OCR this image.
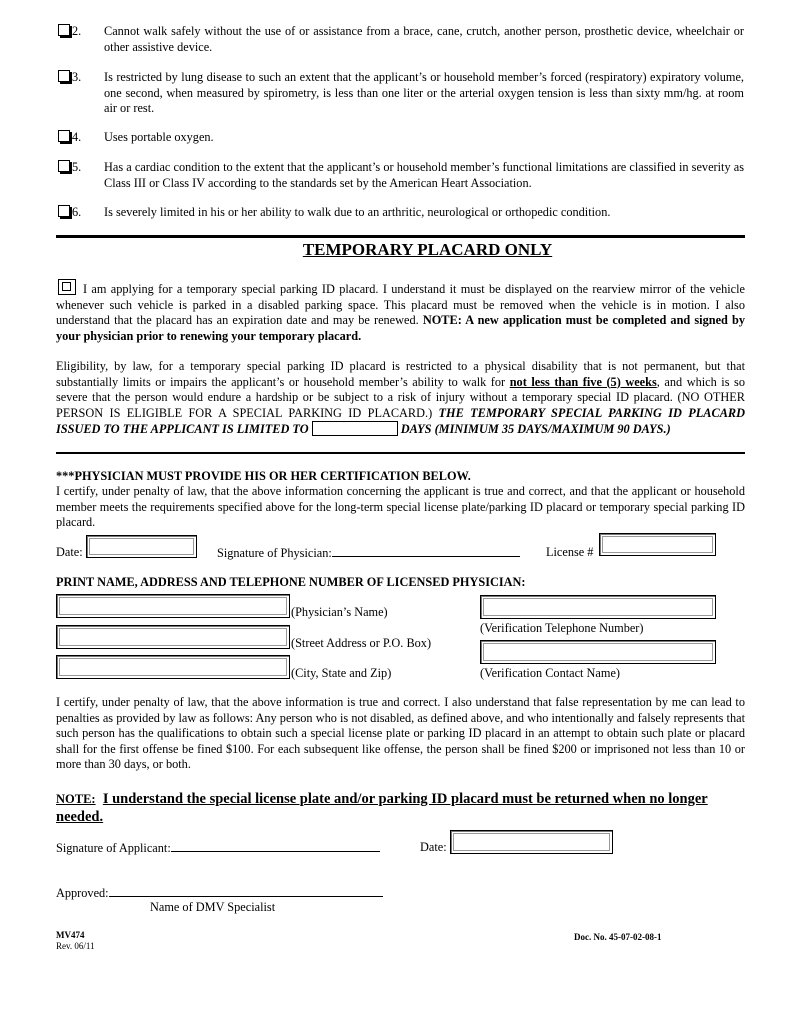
2. Cannot walk safely without the use of or assistance from a brace, cane, crutch, another person, prosthetic device, wheelchair or other assistive device.
3. Is restricted by lung disease to such an extent that the applicant’s or household member’s forced (respiratory) expiratory volume, one second, when measured by spirometry, is less than one liter or the arterial oxygen tension is less than sixty mm/hg. at room air or rest.
4. Uses portable oxygen.
5. Has a cardiac condition to the extent that the applicant’s or household member’s functional limitations are classified in severity as Class III or Class IV according to the standards set by the American Heart Association.
6. Is severely limited in his or her ability to walk due to an arthritic, neurological or orthopedic condition.
TEMPORARY PLACARD ONLY
I am applying for a temporary special parking ID placard. I understand it must be displayed on the rearview mirror of the vehicle whenever such vehicle is parked in a disabled parking space. This placard must be removed when the vehicle is in motion. I also understand that the placard has an expiration date and may be renewed. NOTE: A new application must be completed and signed by your physician prior to renewing your temporary placard.
Eligibility, by law, for a temporary special parking ID placard is restricted to a physical disability that is not permanent, but that substantially limits or impairs the applicant’s or household member’s ability to walk for not less than five (5) weeks, and which is so severe that the person would endure a hardship or be subject to a risk of injury without a temporary special ID placard. (NO OTHER PERSON IS ELIGIBLE FOR A SPECIAL PARKING ID PLACARD.) THE TEMPORARY SPECIAL PARKING ID PLACARD ISSUED TO THE APPLICANT IS LIMITED TO	DAYS (MINIMUM 35 DAYS/MAXIMUM 90 DAYS.)
***PHYSICIAN MUST PROVIDE HIS OR HER CERTIFICATION BELOW.
I certify, under penalty of law, that the above information concerning the applicant is true and correct, and that the applicant or household member meets the requirements specified above for the long-term special license plate/parking ID placard or temporary special parking ID placard.
Date:	Signature of Physician:	License #
PRINT NAME, ADDRESS AND TELEPHONE NUMBER OF LICENSED PHYSICIAN:
(Physician’s Name)
(Street Address or P.O. Box)
(City, State and Zip)
(Verification Telephone Number)
(Verification Contact Name)
I certify, under penalty of law, that the above information is true and correct. I also understand that false representation by me can lead to penalties as provided by law as follows: Any person who is not disabled, as defined above, and who intentionally and falsely represents that such person has the qualifications to obtain such a special license plate or parking ID placard in an attempt to obtain such plate or placard shall for the first offense be fined $100. For each subsequent like offense, the person shall be fined $200 or imprisoned not less than 10 or more than 30 days, or both.
NOTE: I understand the special license plate and/or parking ID placard must be returned when no longer needed.
Signature of Applicant:	Date:
Approved:
Name of DMV Specialist
MV474
Rev. 06/11
Doc. No. 45-07-02-08-1
